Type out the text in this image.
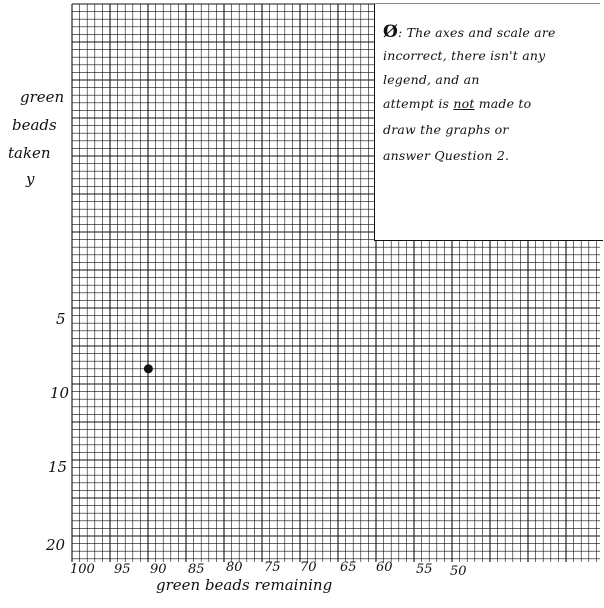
green
beads
taken
y
5
10
15
20
100 95 90 85 80 75 70 65 60 55 50
green beads remaining
Ø: The axes and scale are
incorrect, there isn't any
legend, and an
attempt is not made to
draw the graphs or
answer Question 2.
